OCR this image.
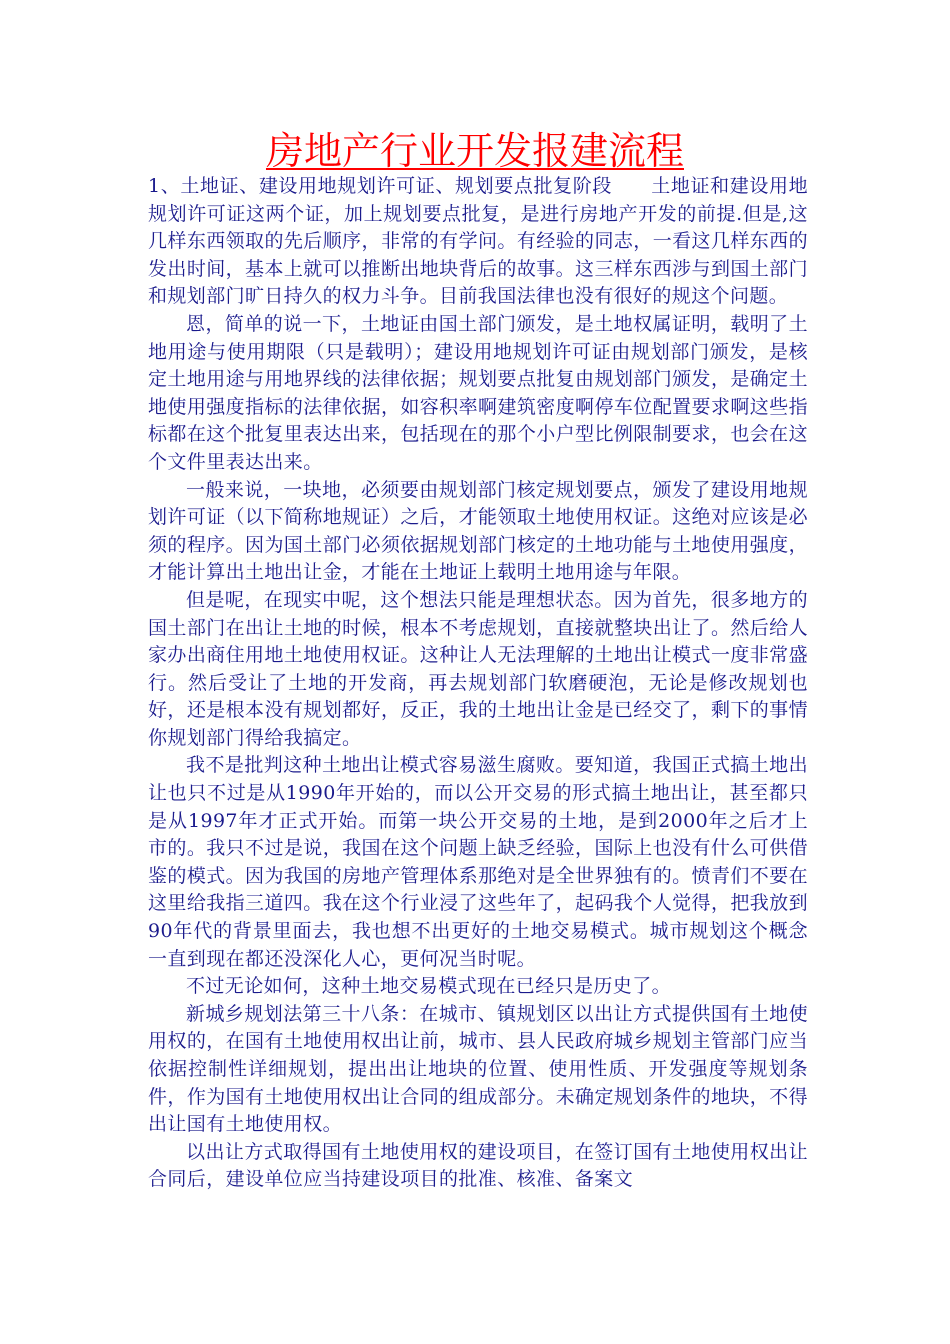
房地产行业开发报建流程

1、土地证、建设用地规划许可证、规划要点批复阶段　　土地证和建设用地规划许可证这两个证，加上规划要点批复，是进行房地产开发的前提.但是,这几样东西领取的先后顺序，非常的有学问。有经验的同志，一看这几样东西的发出时间，基本上就可以推断出地块背后的故事。这三样东西涉与到国土部门和规划部门旷日持久的权力斗争。目前我国法律也没有很好的规这个问题。

恩，简单的说一下，土地证由国土部门颁发，是土地权属证明，载明了土地用途与使用期限（只是载明）；建设用地规划许可证由规划部门颁发，是核定土地用途与用地界线的法律依据；规划要点批复由规划部门颁发，是确定土地使用强度指标的法律依据，如容积率啊建筑密度啊停车位配置要求啊这些指标都在这个批复里表达出来，包括现在的那个小户型比例限制要求，也会在这个文件里表达出来。

一般来说，一块地，必须要由规划部门核定规划要点，颁发了建设用地规划许可证（以下简称地规证）之后，才能领取土地使用权证。这绝对应该是必须的程序。因为国土部门必须依据规划部门核定的土地功能与土地使用强度，才能计算出土地出让金，才能在土地证上载明土地用途与年限。

但是呢，在现实中呢，这个想法只能是理想状态。因为首先，很多地方的国土部门在出让土地的时候，根本不考虑规划，直接就整块出让了。然后给人家办出商住用地土地使用权证。这种让人无法理解的土地出让模式一度非常盛行。然后受让了土地的开发商，再去规划部门软磨硬泡，无论是修改规划也好，还是根本没有规划都好，反正，我的土地出让金是已经交了，剩下的事情你规划部门得给我搞定。

我不是批判这种土地出让模式容易滋生腐败。要知道，我国正式搞土地出让也只不过是从1990年开始的，而以公开交易的形式搞土地出让，甚至都只是从1997年才正式开始。而第一块公开交易的土地，是到2000年之后才上市的。我只不过是说，我国在这个问题上缺乏经验，国际上也没有什么可供借鉴的模式。因为我国的房地产管理体系那绝对是全世界独有的。愤青们不要在这里给我指三道四。我在这个行业浸了这些年了，起码我个人觉得，把我放到90年代的背景里面去，我也想不出更好的土地交易模式。城市规划这个概念一直到现在都还没深化人心，更何况当时呢。

不过无论如何，这种土地交易模式现在已经只是历史了。

新城乡规划法第三十八条：在城市、镇规划区以出让方式提供国有土地使用权的，在国有土地使用权出让前，城市、县人民政府城乡规划主管部门应当依据控制性详细规划，提出出让地块的位置、使用性质、开发强度等规划条件，作为国有土地使用权出让合同的组成部分。未确定规划条件的地块，不得出让国有土地使用权。

以出让方式取得国有土地使用权的建设项目，在签订国有土地使用权出让合同后，建设单位应当持建设项目的批准、核准、备案文
